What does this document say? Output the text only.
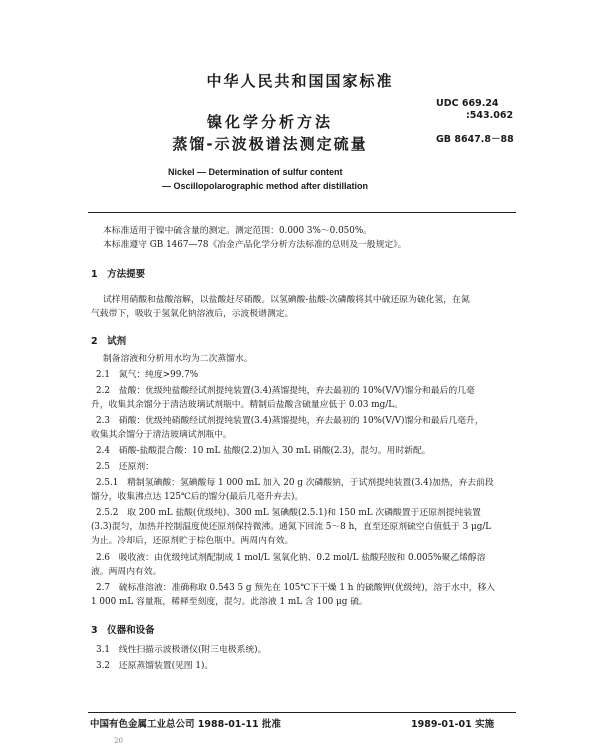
中华人民共和国国家标准
镍化学分析方法
蒸馏-示波极谱法测定硫量
UDC 669.24
:543.062
GB 8647.8－88
Nickel — Determination of sulfur content
— Oscillopolarographic method after distillation
本标准适用于镍中硫含量的测定。测定范围：0.000 3%～0.050%。
本标准遵守 GB 1467—78《冶金产品化学分析方法标准的总则及一般规定》。
1　方法提要
试样用硝酸和盐酸溶解，以盐酸赶尽硝酸。以氢碘酸-盐酸-次磷酸将其中硫还原为硫化氢，在氮
气载带下，吸收于氢氧化钠溶液后，示波极谱测定。
2　试剂
制备溶液和分析用水均为二次蒸馏水。
2.1　氮气：纯度>99.7%
2.2　盐酸：优级纯盐酸经试剂提纯装置(3.4)蒸馏提纯，弃去最初的 10%(V/V)馏分和最后的几毫
升，收集其余馏分于清洁玻璃试剂瓶中。精制后盐酸含硫量应低于 0.03 mg/L。
2.3　硝酸：优级纯硝酸经试剂提纯装置(3.4)蒸馏提纯，弃去最初的 10%(V/V)馏分和最后几毫升，
收集其余馏分于清洁玻璃试剂瓶中。
2.4　硝酸-盐酸混合酸：10 mL 盐酸(2.2)加入 30 mL 硝酸(2.3)，混匀。用时新配。
2.5　还原剂：
2.5.1　精制氢碘酸：氢碘酸每 1 000 mL 加入 20 g 次磷酸钠，于试剂提纯装置(3.4)加热，弃去前段
馏分，收集沸点达 125℃后的馏分(最后几毫升弃去)。
2.5.2　取 200 mL 盐酸(优级纯)、300 mL 氢碘酸(2.5.1)和 150 mL 次磷酸置于还原剂提纯装置
(3.3)混匀，加热并控制温度使还原剂保持微沸。通氮下回流 5～8 h，直至还原剂硫空白值低于 3 μg/L
为止。冷却后，还原剂贮于棕色瓶中。两周内有效。
2.6　吸收液：由优级纯试剂配制成 1 mol/L 氢氧化钠、0.2 mol/L 盐酸羟胺和 0.005%聚乙烯醇溶
液。两周内有效。
2.7　硫标准溶液：准确称取 0.543 5 g 预先在 105℃下干燥 1 h 的硫酸钾(优级纯)，溶于水中，移入
1 000 mL 容量瓶，稀释至刻度，混匀。此溶液 1 mL 含 100 μg 硫。
3　仪器和设备
3.1　线性扫描示波极谱仪(附三电极系统)。
3.2　还原蒸馏装置(见图 1)。
中国有色金属工业总公司 1988-01-11 批准	1989-01-01 实施
20
